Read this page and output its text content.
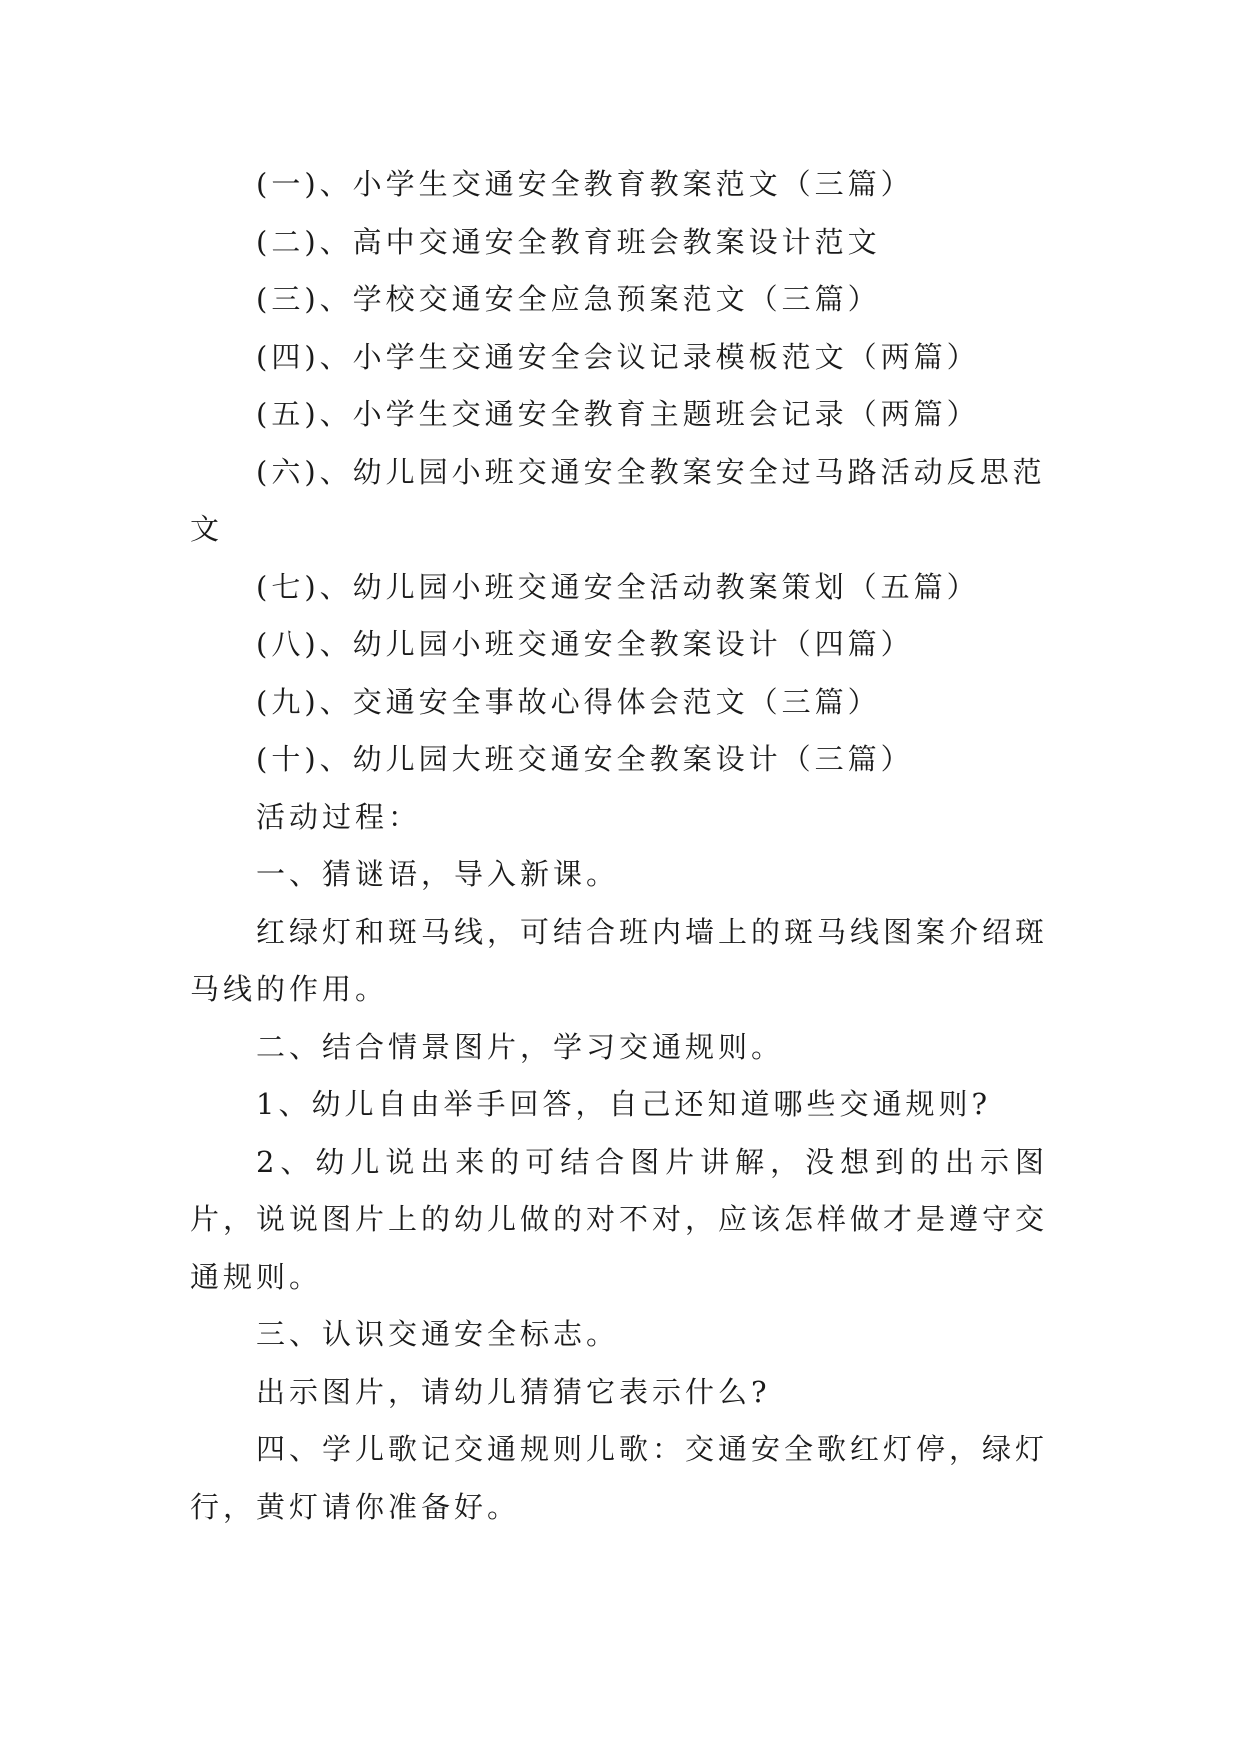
(一)、小学生交通安全教育教案范文（三篇）

(二)、高中交通安全教育班会教案设计范文

(三)、学校交通安全应急预案范文（三篇）

(四)、小学生交通安全会议记录模板范文（两篇）

(五)、小学生交通安全教育主题班会记录（两篇）

(六)、幼儿园小班交通安全教案安全过马路活动反思范文

(七)、幼儿园小班交通安全活动教案策划（五篇）

(八)、幼儿园小班交通安全教案设计（四篇）

(九)、交通安全事故心得体会范文（三篇）

(十)、幼儿园大班交通安全教案设计（三篇）

活动过程：

一、猜谜语，导入新课。

红绿灯和斑马线，可结合班内墙上的斑马线图案介绍斑马线的作用。

二、结合情景图片，学习交通规则。

1、幼儿自由举手回答，自己还知道哪些交通规则?

2、幼儿说出来的可结合图片讲解，没想到的出示图片，说说图片上的幼儿做的对不对，应该怎样做才是遵守交通规则。

三、认识交通安全标志。

出示图片，请幼儿猜猜它表示什么?

四、学儿歌记交通规则儿歌：交通安全歌红灯停，绿灯行，黄灯请你准备好。
